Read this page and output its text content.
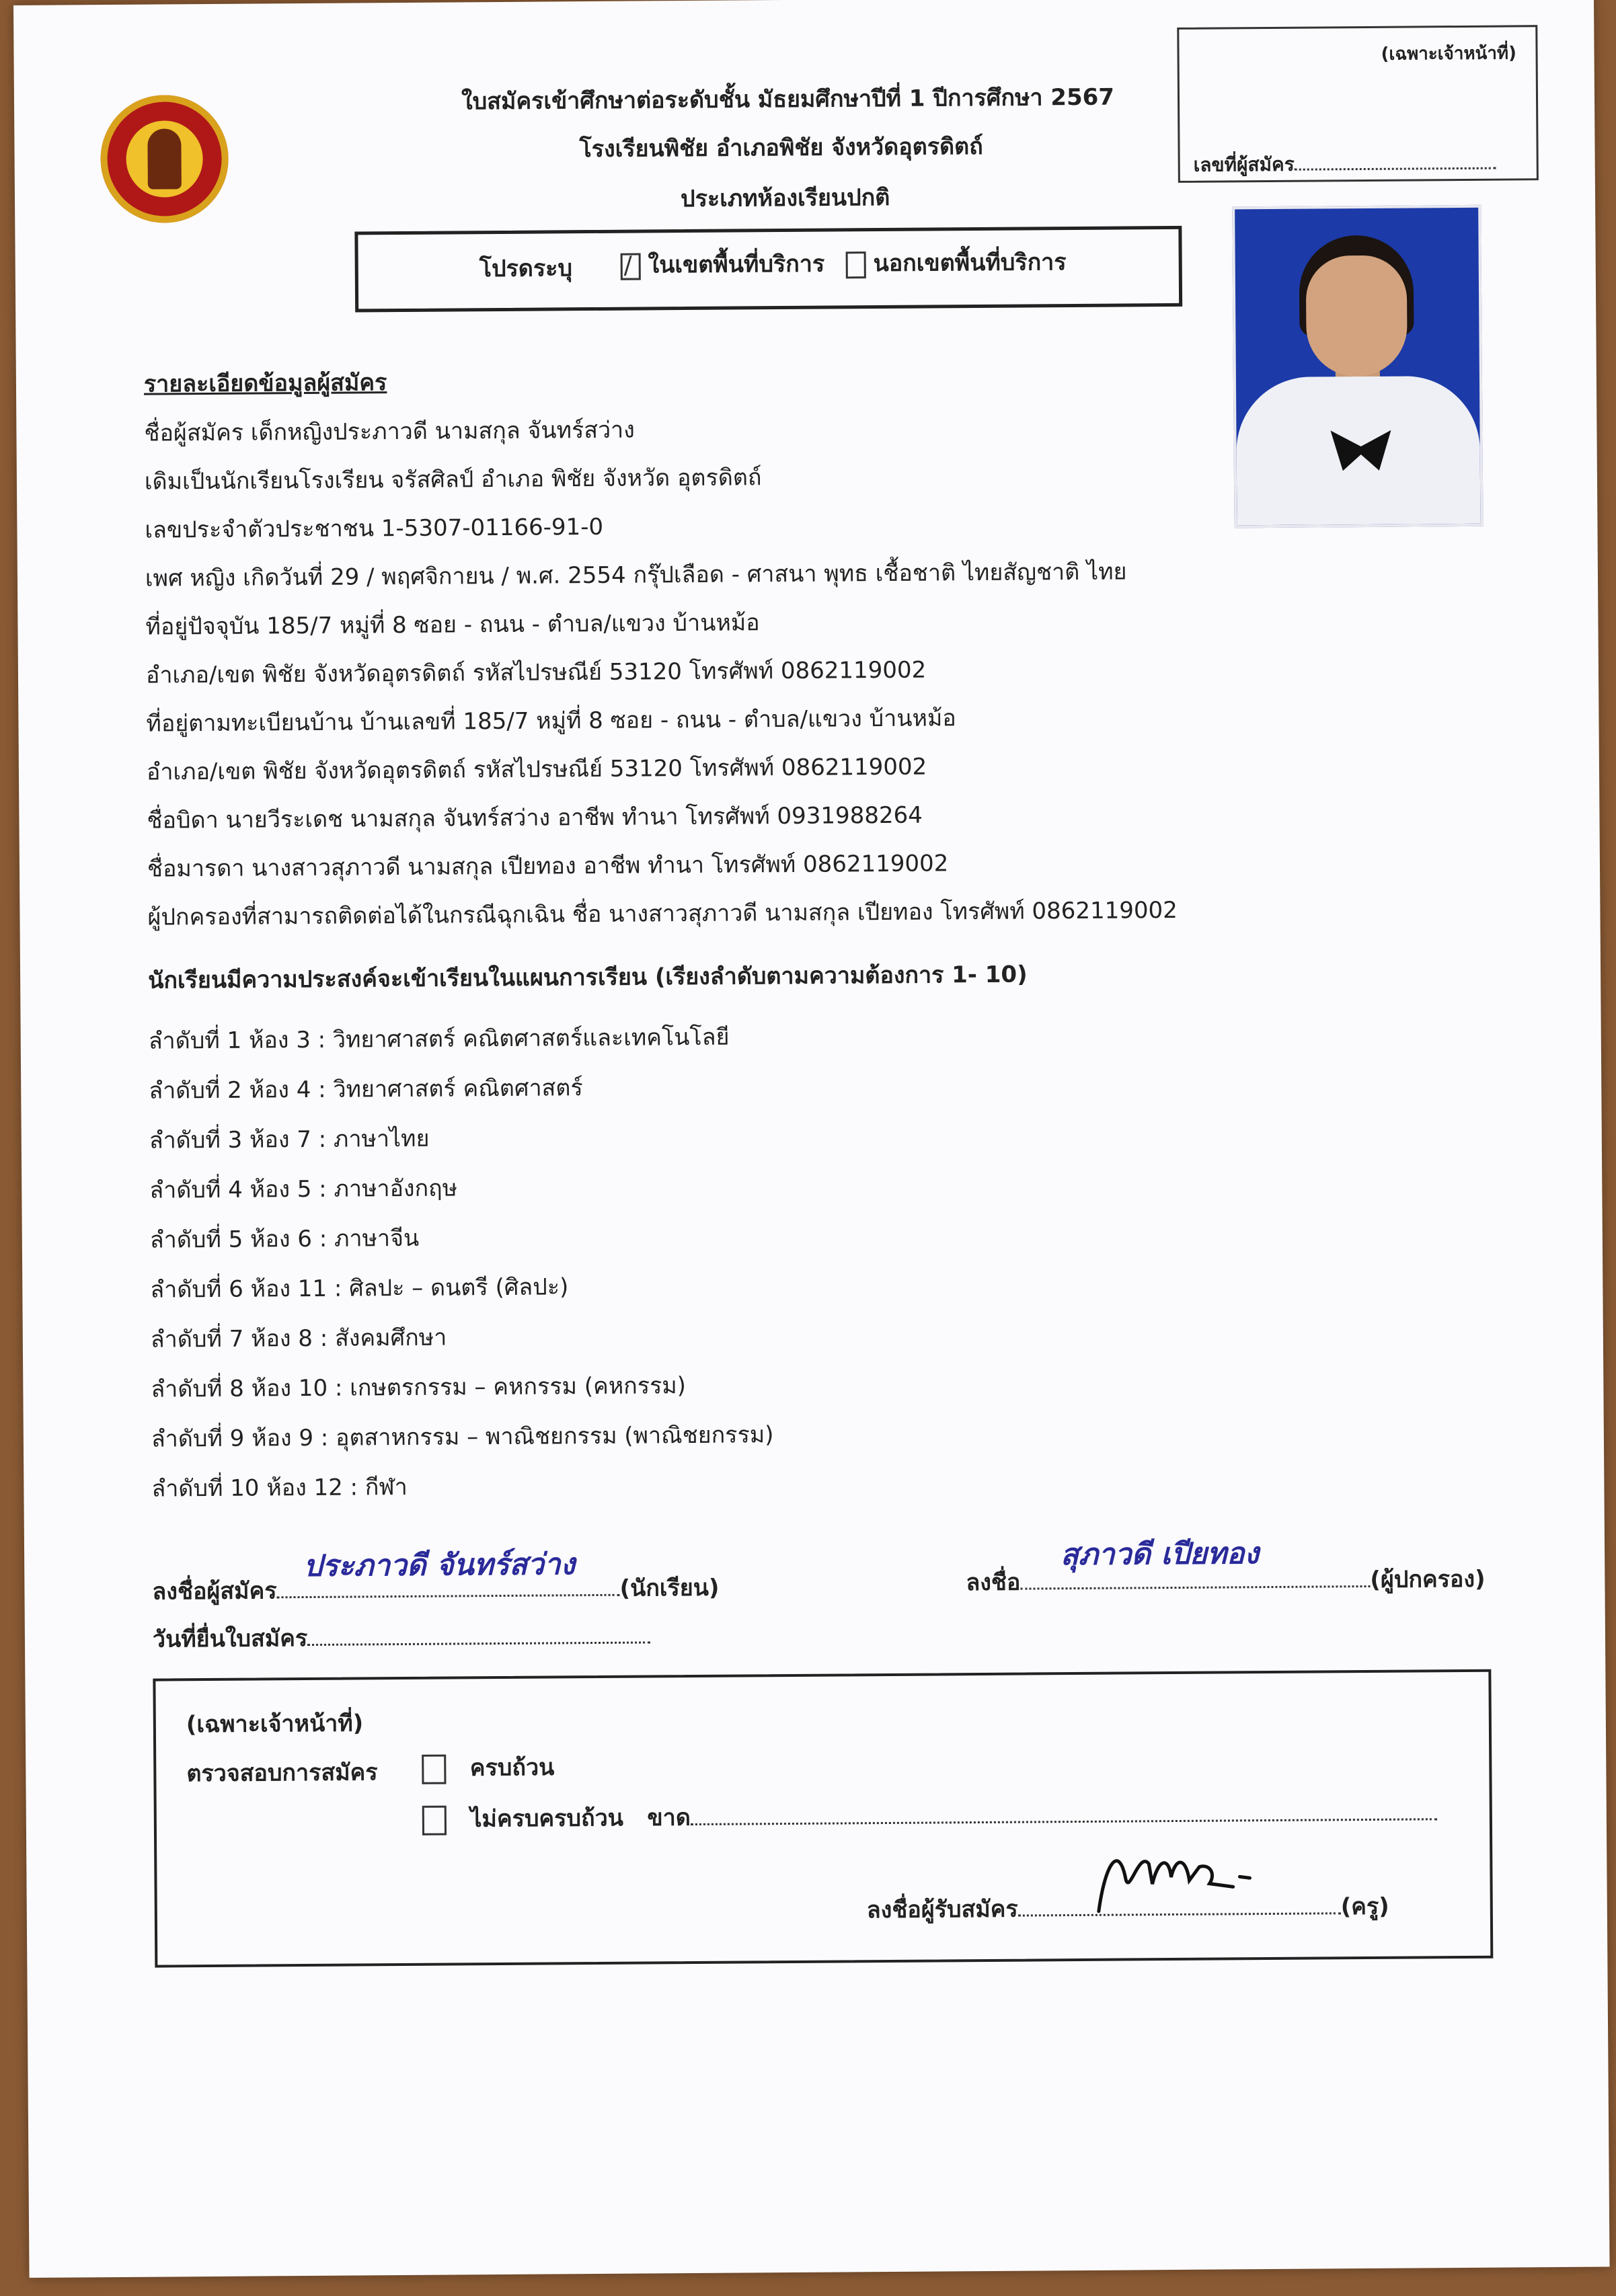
ใบสมัครเข้าศึกษาต่อระดับชั้น มัธยมศึกษาปีที่ 1 ปีการศึกษา 2567
โรงเรียนพิชัย อำเภอพิชัย จังหวัดอุตรดิตถ์
ประเภทห้องเรียนปกติ
(เฉพาะเจ้าหน้าที่)
เลขที่ผู้สมัคร
โปรดระบุ / ในเขตพื้นที่บริการ	นอกเขตพื้นที่บริการ
รายละเอียดข้อมูลผู้สมัคร
ชื่อผู้สมัคร เด็กหญิงประภาวดี นามสกุล จันทร์สว่าง
เดิมเป็นนักเรียนโรงเรียน จรัสศิลป์ อำเภอ พิชัย จังหวัด อุตรดิตถ์
เลขประจำตัวประชาชน 1-5307-01166-91-0
เพศ หญิง เกิดวันที่ 29 / พฤศจิกายน / พ.ศ. 2554 กรุ๊ปเลือด - ศาสนา พุทธ เชื้อชาติ ไทยสัญชาติ ไทย
ที่อยู่ปัจจุบัน 185/7 หมู่ที่ 8 ซอย - ถนน - ตำบล/แขวง บ้านหม้อ
อำเภอ/เขต พิชัย จังหวัดอุตรดิตถ์ รหัสไปรษณีย์ 53120 โทรศัพท์ 0862119002
ที่อยู่ตามทะเบียนบ้าน บ้านเลขที่ 185/7 หมู่ที่ 8 ซอย - ถนน - ตำบล/แขวง บ้านหม้อ
อำเภอ/เขต พิชัย จังหวัดอุตรดิตถ์ รหัสไปรษณีย์ 53120 โทรศัพท์ 0862119002
ชื่อบิดา นายวีระเดช นามสกุล จันทร์สว่าง อาชีพ ทำนา โทรศัพท์ 0931988264
ชื่อมารดา นางสาวสุภาวดี นามสกุล เปียทอง อาชีพ ทำนา โทรศัพท์ 0862119002
ผู้ปกครองที่สามารถติดต่อได้ในกรณีฉุกเฉิน ชื่อ นางสาวสุภาวดี นามสกุล เปียทอง โทรศัพท์ 0862119002
นักเรียนมีความประสงค์จะเข้าเรียนในแผนการเรียน (เรียงลำดับตามความต้องการ 1- 10)
ลำดับที่ 1 ห้อง 3 : วิทยาศาสตร์ คณิตศาสตร์และเทคโนโลยี
ลำดับที่ 2 ห้อง 4 : วิทยาศาสตร์ คณิตศาสตร์
ลำดับที่ 3 ห้อง 7 : ภาษาไทย
ลำดับที่ 4 ห้อง 5 : ภาษาอังกฤษ
ลำดับที่ 5 ห้อง 6 : ภาษาจีน
ลำดับที่ 6 ห้อง 11 : ศิลปะ – ดนตรี (ศิลปะ)
ลำดับที่ 7 ห้อง 8 : สังคมศึกษา
ลำดับที่ 8 ห้อง 10 : เกษตรกรรม – คหกรรม (คหกรรม)
ลำดับที่ 9 ห้อง 9 : อุตสาหกรรม – พาณิชยกรรม (พาณิชยกรรม)
ลำดับที่ 10 ห้อง 12 : กีฬา
ลงชื่อผู้สมัคร
ประภาวดี จันทร์สว่าง
(นักเรียน)	ลงชื่อ
สุภาวดี เปียทอง
(ผู้ปกครอง)
วันที่ยื่นใบสมัคร
(เฉพาะเจ้าหน้าที่)
ตรวจสอบการสมัคร	ครบถ้วน
ไม่ครบครบถ้วน ขาด
ลงชื่อผู้รับสมัคร	(ครู)
